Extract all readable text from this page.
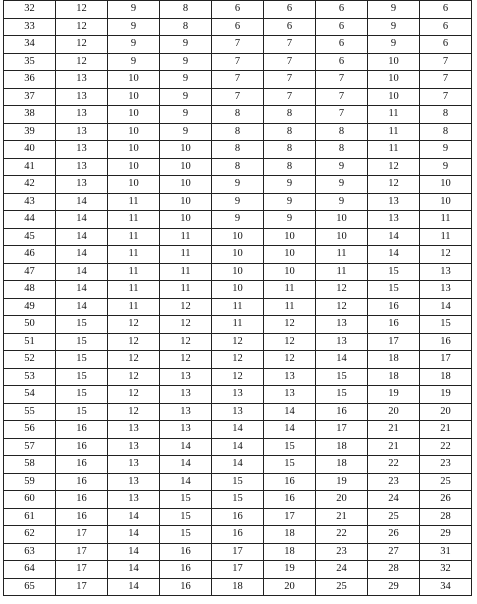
32	12	9	8	6	6	6	9	6
33	12	9	8	6	6	6	9	6
34	12	9	9	7	7	6	9	6
35	12	9	9	7	7	6	10	7
36	13	10	9	7	7	7	10	7
37	13	10	9	7	7	7	10	7
38	13	10	9	8	8	7	11	8
39	13	10	9	8	8	8	11	8
40	13	10	10	8	8	8	11	9
41	13	10	10	8	8	9	12	9
42	13	10	10	9	9	9	12	10
43	14	11	10	9	9	9	13	10
44	14	11	10	9	9	10	13	11
45	14	11	11	10	10	10	14	11
46	14	11	11	10	10	11	14	12
47	14	11	11	10	10	11	15	13
48	14	11	11	10	11	12	15	13
49	14	11	12	11	11	12	16	14
50	15	12	12	11	12	13	16	15
51	15	12	12	12	12	13	17	16
52	15	12	12	12	12	14	18	17
53	15	12	13	12	13	15	18	18
54	15	12	13	13	13	15	19	19
55	15	12	13	13	14	16	20	20
56	16	13	13	14	14	17	21	21
57	16	13	14	14	15	18	21	22
58	16	13	14	14	15	18	22	23
59	16	13	14	15	16	19	23	25
60	16	13	15	15	16	20	24	26
61	16	14	15	16	17	21	25	28
62	17	14	15	16	18	22	26	29
63	17	14	16	17	18	23	27	31
64	17	14	16	17	19	24	28	32
65	17	14	16	18	20	25	29	34
